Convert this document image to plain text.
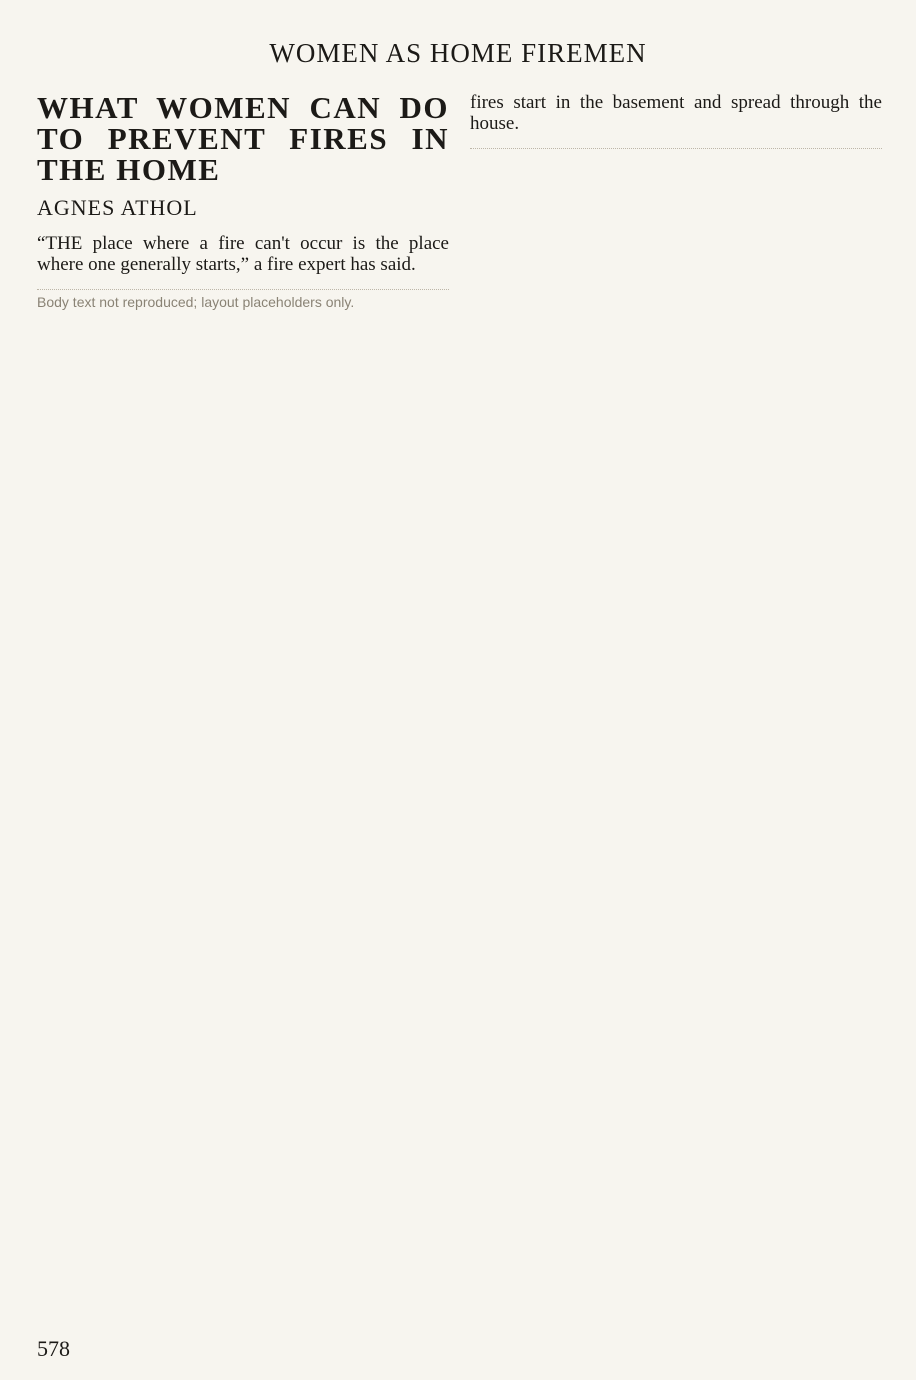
WOMEN AS HOME FIREMEN
WHAT WOMEN CAN DO TO PREVENT FIRES IN THE HOME
AGNES ATHOL

“THE place where a fire can't occur is the place where one generally starts,” a fire expert has said.

Body text not reproduced; layout placeholders only.

fires start in the basement and spread through the house.

578
